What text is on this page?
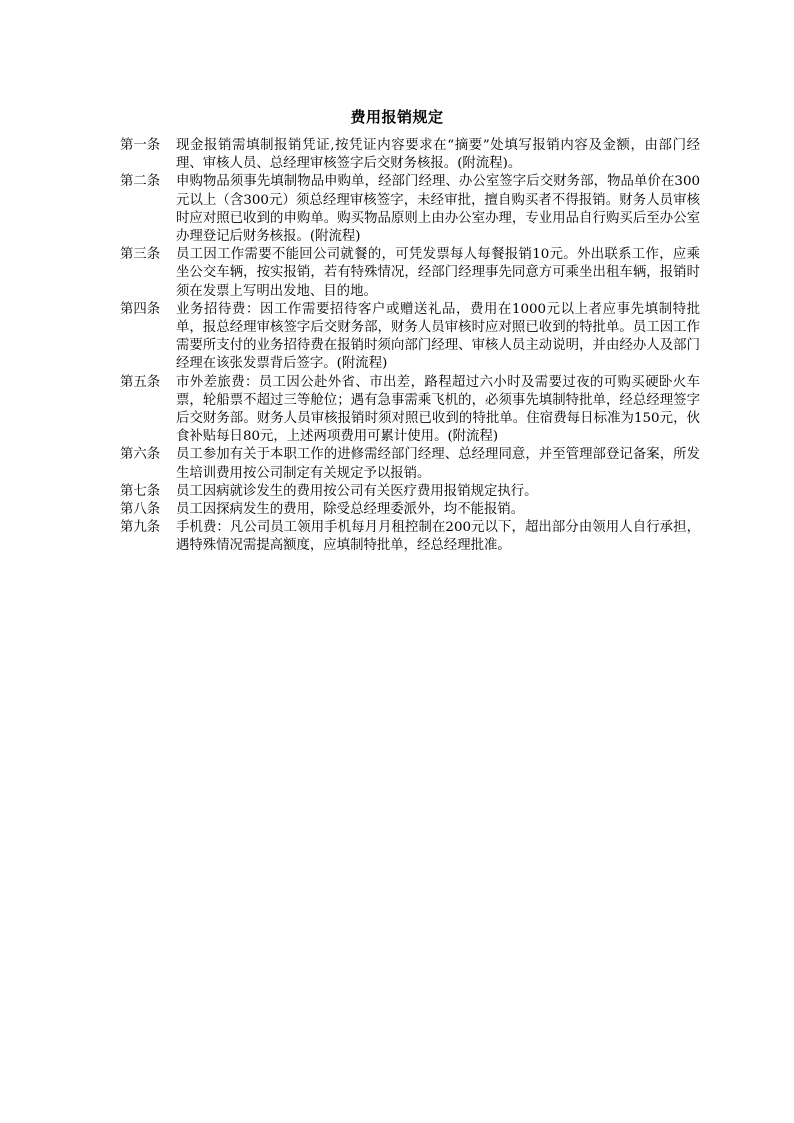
费用报销规定
第一条	现金报销需填制报销凭证,按凭证内容要求在“摘要”处填写报销内容及金额，由部门经理、审核人员、总经理审核签字后交财务核报。(附流程)。
第二条	申购物品须事先填制物品申购单，经部门经理、办公室签字后交财务部，物品单价在300元以上（含300元）须总经理审核签字，未经审批，擅自购买者不得报销。财务人员审核时应对照已收到的申购单。购买物品原则上由办公室办理，专业用品自行购买后至办公室办理登记后财务核报。(附流程)
第三条	员工因工作需要不能回公司就餐的，可凭发票每人每餐报销10元。外出联系工作，应乘坐公交车辆，按实报销，若有特殊情况，经部门经理事先同意方可乘坐出租车辆，报销时须在发票上写明出发地、目的地。
第四条	业务招待费：因工作需要招待客户或赠送礼品，费用在1000元以上者应事先填制特批单，报总经理审核签字后交财务部，财务人员审核时应对照已收到的特批单。员工因工作需要所支付的业务招待费在报销时须向部门经理、审核人员主动说明，并由经办人及部门经理在该张发票背后签字。(附流程)
第五条	市外差旅费：员工因公赴外省、市出差，路程超过六小时及需要过夜的可购买硬卧火车票，轮船票不超过三等舱位；遇有急事需乘飞机的，必须事先填制特批单，经总经理签字后交财务部。财务人员审核报销时须对照已收到的特批单。住宿费每日标准为150元，伙食补贴每日80元，上述两项费用可累计使用。(附流程)
第六条	员工参加有关于本职工作的进修需经部门经理、总经理同意，并至管理部登记备案，所发生培训费用按公司制定有关规定予以报销。
第七条	员工因病就诊发生的费用按公司有关医疗费用报销规定执行。
第八条	员工因探病发生的费用，除受总经理委派外，均不能报销。
第九条	手机费：凡公司员工领用手机每月月租控制在200元以下，超出部分由领用人自行承担，遇特殊情况需提高额度，应填制特批单，经总经理批准。
